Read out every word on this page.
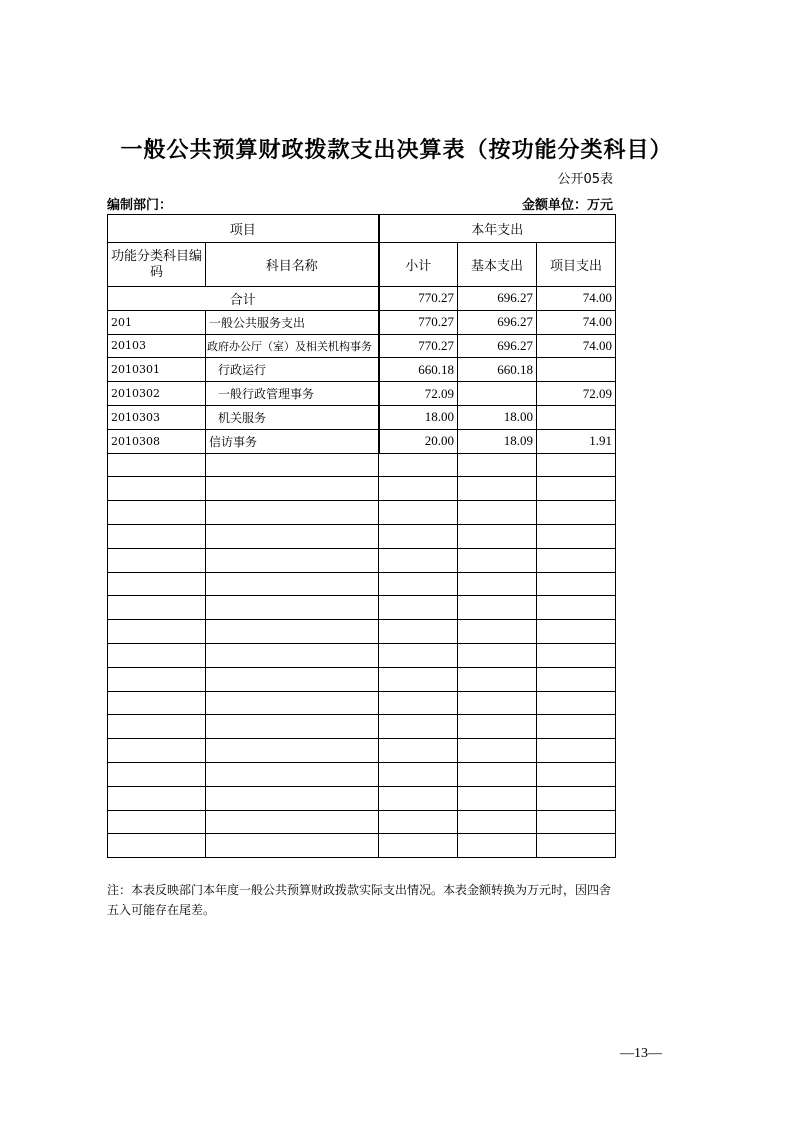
一般公共预算财政拨款支出决算表（按功能分类科目）
公开05表
编制部门：	金额单位：万元
项目		本年支出		
功能分类科目编码	科目名称	小计	基本支出	项目支出
合计		770.27	696.27	74.00
201	一般公共服务支出	770.27	696.27	74.00
20103	政府办公厅（室）及相关机构事务	770.27	696.27	74.00
2010301	行政运行	660.18	660.18	
2010302	一般行政管理事务	72.09		72.09
2010303	机关服务	18.00	18.00	
2010308	信访事务	20.00	18.09	1.91

注：本表反映部门本年度一般公共预算财政拨款实际支出情况。本表金额转换为万元时，因四舍五入可能存在尾差。
—13—
